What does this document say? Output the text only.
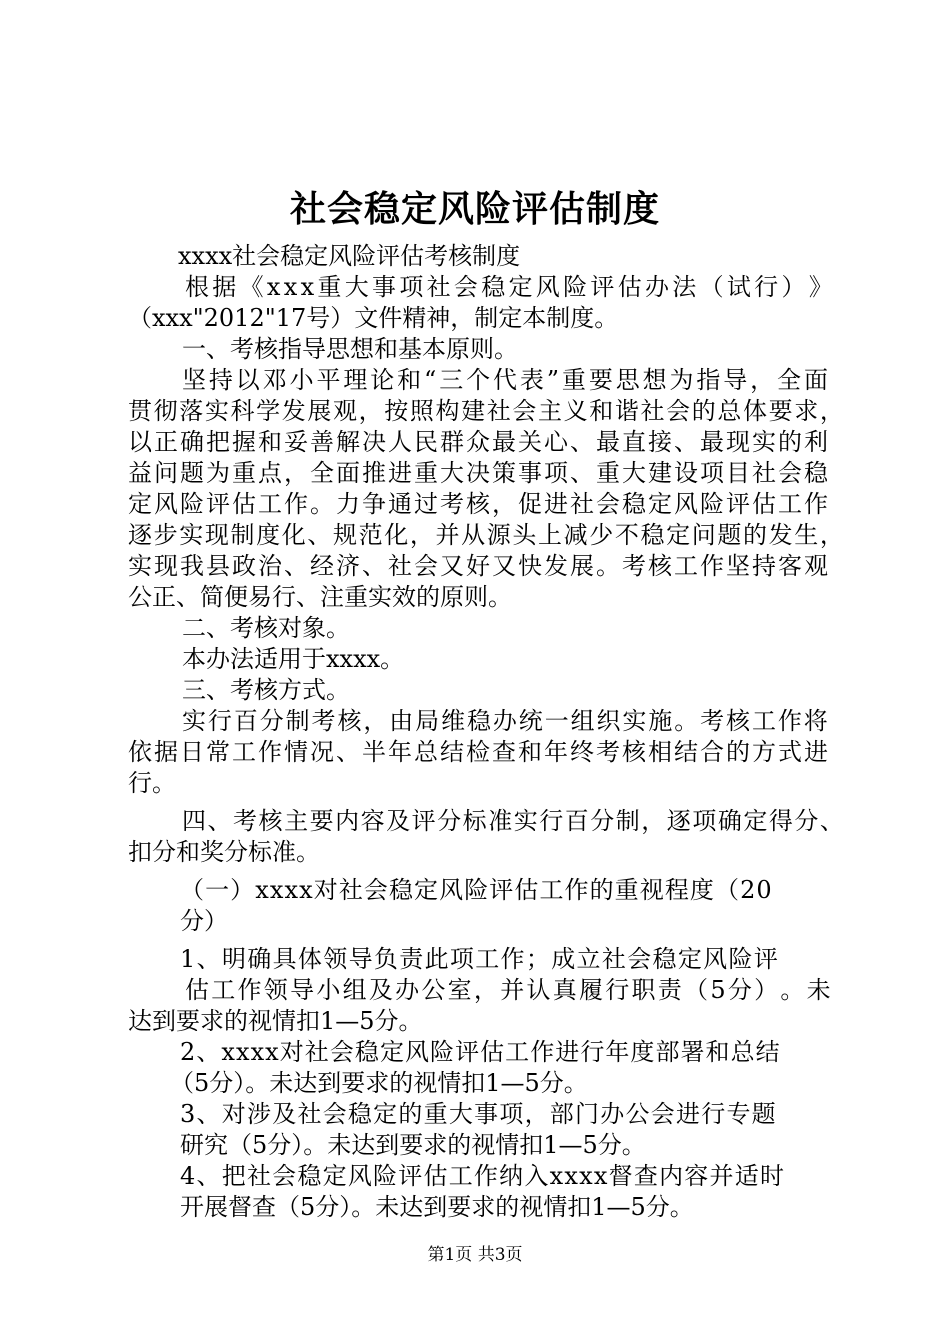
社会稳定风险评估制度
xxxx社会稳定风险评估考核制度
根 据 《 x x x 重 大 事 项 社 会 稳 定 风 险 评 估 办 法 （ 试 行 ） 》
（xxx"2012"17号）文件精神，制定本制度。
一、考核指导思想和基本原则。
坚 持 以 邓 小 平 理 论 和 “ 三 个 代 表 ” 重 要 思 想 为 指 导 ， 全 面
贯 彻 落 实 科 学 发 展 观 ， 按 照 构 建 社 会 主 义 和 谐 社 会 的 总 体 要 求 ，
以 正 确 把 握 和 妥 善 解 决 人 民 群 众 最 关 心 、 最 直 接 、 最 现 实 的 利
益 问 题 为 重 点 ， 全 面 推 进 重 大 决 策 事 项 、 重 大 建 设 项 目 社 会 稳
定 风 险 评 估 工 作 。 力 争 通 过 考 核 ， 促 进 社 会 稳 定 风 险 评 估 工 作
逐 步 实 现 制 度 化 、 规 范 化 ， 并 从 源 头 上 减 少 不 稳 定 问 题 的 发 生 ，
实 现 我 县 政 治 、 经 济 、 社 会 又 好 又 快 发 展 。 考 核 工 作 坚 持 客 观
公正、简便易行、注重实效的原则。
二、考核对象。
本办法适用于xxxx。
三、考核方式。
实 行 百 分 制 考 核 ， 由 局 维 稳 办 统 一 组 织 实 施 。 考 核 工 作 将
依 据 日 常 工 作 情 况 、 半 年 总 结 检 查 和 年 终 考 核 相 结 合 的 方 式 进
行。
四 、 考 核 主 要 内 容 及 评 分 标 准 实 行 百 分 制 ， 逐 项 确 定 得 分 、
扣分和奖分标准。
（ 一 ） x x x x 对 社 会 稳 定 风 险 评 估 工 作 的 重 视 程 度 （ 2 0
分）
1 、 明 确 具 体 领 导 负 责 此 项 工 作 ； 成 立 社 会 稳 定 风 险 评
估 工 作 领 导 小 组 及 办 公 室 ， 并 认 真 履 行 职 责 （ 5 分 ） 。 未
达到要求的视情扣1—5分。
2 、 x x x x 对 社 会 稳 定 风 险 评 估 工 作 进 行 年 度 部 署 和 总 结
（5分）。未达到要求的视情扣1—5分。
3 、 对 涉 及 社 会 稳 定 的 重 大 事 项 ， 部 门 办 公 会 进 行 专 题
研究（5分）。未达到要求的视情扣1—5分。
4 、 把 社 会 稳 定 风 险 评 估 工 作 纳 入 x x x x 督 查 内 容 并 适 时
开展督查（5分）。未达到要求的视情扣1—5分。
第1页 共3页
